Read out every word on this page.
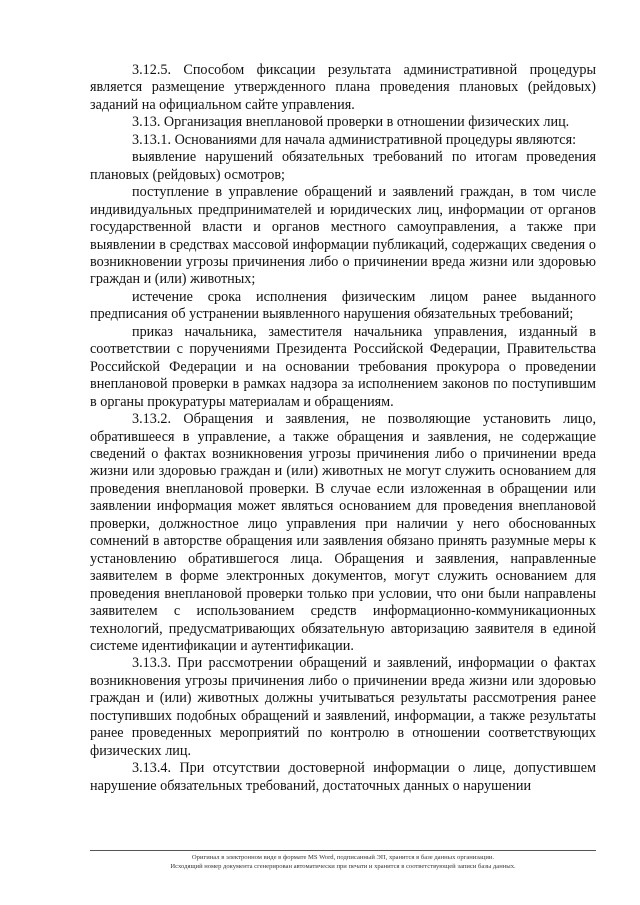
3.12.5. Способом фиксации результата административной процедуры является размещение утвержденного плана проведения плановых (рейдовых) заданий на официальном сайте управления.

3.13. Организация внеплановой проверки в отношении физических лиц.

3.13.1. Основаниями для начала административной процедуры являются:

выявление нарушений обязательных требований по итогам проведения плановых (рейдовых) осмотров;

поступление в управление обращений и заявлений граждан, в том числе индивидуальных предпринимателей и юридических лиц, информации от органов государственной власти и органов местного самоуправления, а также при выявлении в средствах массовой информации публикаций, содержащих сведения о возникновении угрозы причинения либо о причинении вреда жизни или здоровью граждан и (или) животных;

истечение срока исполнения физическим лицом ранее выданного предписания об устранении выявленного нарушения обязательных требований;

приказ начальника, заместителя начальника управления, изданный в соответствии с поручениями Президента Российской Федерации, Правительства Российской Федерации и на основании требования прокурора о проведении внеплановой проверки в рамках надзора за исполнением законов по поступившим в органы прокуратуры материалам и обращениям.

3.13.2. Обращения и заявления, не позволяющие установить лицо, обратившееся в управление, а также обращения и заявления, не содержащие сведений о фактах возникновения угрозы причинения либо о причинении вреда жизни или здоровью граждан и (или) животных не могут служить основанием для проведения внеплановой проверки. В случае если изложенная в обращении или заявлении информация может являться основанием для проведения внеплановой проверки, должностное лицо управления при наличии у него обоснованных сомнений в авторстве обращения или заявления обязано принять разумные меры к установлению обратившегося лица. Обращения и заявления, направленные заявителем в форме электронных документов, могут служить основанием для проведения внеплановой проверки только при условии, что они были направлены заявителем с использованием средств информационно-коммуникационных технологий, предусматривающих обязательную авторизацию заявителя в единой системе идентификации и аутентификации.

3.13.3. При рассмотрении обращений и заявлений, информации о фактах возникновения угрозы причинения либо о причинении вреда жизни или здоровью граждан и (или) животных должны учитываться результаты рассмотрения ранее поступивших подобных обращений и заявлений, информации, а также результаты ранее проведенных мероприятий по контролю в отношении соответствующих физических лиц.

3.13.4. При отсутствии достоверной информации о лице, допустившем нарушение обязательных требований, достаточных данных о нарушении

Оригинал в электронном виде в формате MS Word, подписанный ЭП, хранится в базе данных организации.
Исходящий номер документа сгенерирован автоматически при печати и хранится в соответствующей записи базы данных.
